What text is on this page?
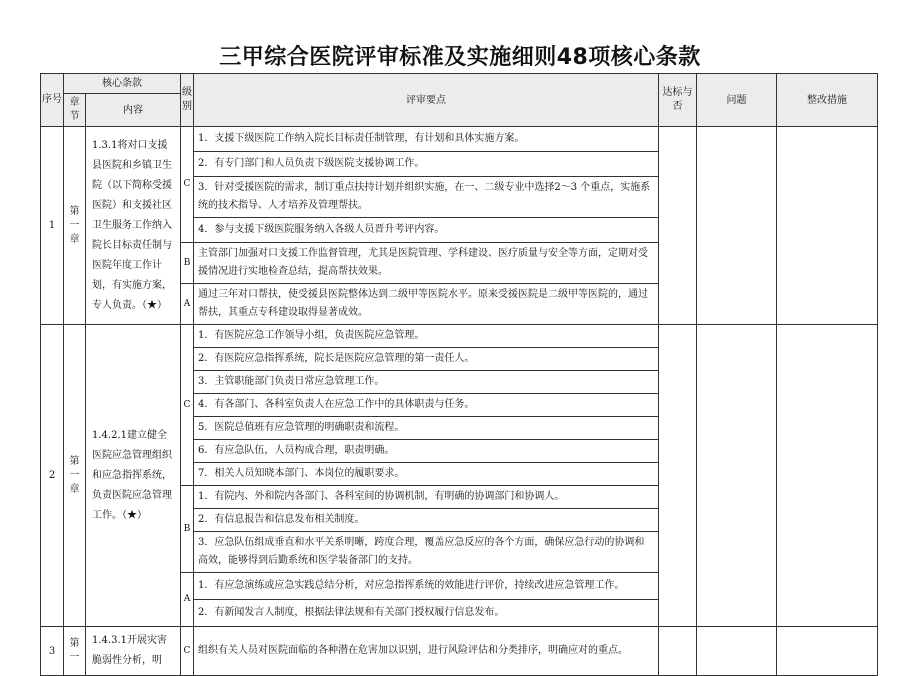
三甲综合医院评审标准及实施细则48项核心条款
序号	核心条款		级别	评审要点	达标与否	问题	整改措施
	章节	内容					
1	第一章	1.3.1将对口支援县医院和乡镇卫生院（以下简称受援医院）和支援社区卫生服务工作纳入院长目标责任制与医院年度工作计划，有实施方案，专人负责。（★）	C	1．支援下级医院工作纳入院长目标责任制管理，有计划和具体实施方案。			
				2．有专门部门和人员负责下级医院支援协调工作。			
				3．针对受援医院的需求，制订重点扶持计划并组织实施，在一、二级专业中选择2～3 个重点，实施系统的技术指导、人才培养及管理帮扶。			
				4．参与支援下级医院服务纳入各级人员晋升考评内容。			
			B	主管部门加强对口支援工作监督管理，尤其是医院管理、学科建设、医疗质量与安全等方面，定期对受援情况进行实地检查总结，提高帮扶效果。			
			A	通过三年对口帮扶，使受援县医院整体达到二级甲等医院水平。原来受援医院是二级甲等医院的，通过帮扶，其重点专科建设取得显著成效。			
2	第一章	1.4.2.1建立健全医院应急管理组织和应急指挥系统，负责医院应急管理工作。（★）	C	1．有医院应急工作领导小组，负责医院应急管理。			
				2．有医院应急指挥系统，院长是医院应急管理的第一责任人。			
				3．主管职能部门负责日常应急管理工作。			
				4．有各部门、各科室负责人在应急工作中的具体职责与任务。			
				5．医院总值班有应急管理的明确职责和流程。			
				6．有应急队伍，人员构成合理，职责明确。			
				7．相关人员知晓本部门、本岗位的履职要求。			
			B	1．有院内、外和院内各部门、各科室间的协调机制，有明确的协调部门和协调人。			
				2．有信息报告和信息发布相关制度。			
				3．应急队伍组成垂直和水平关系明晰，跨度合理，覆盖应急反应的各个方面，确保应急行动的协调和高效，能够得到后勤系统和医学装备部门的支持。			
			A	1．有应急演练或应急实践总结分析，对应急指挥系统的效能进行评价，持续改进应急管理工作。			
				2．有新闻发言人制度，根据法律法规和有关部门授权履行信息发布。			
3	第一	1.4.3.1开展灾害脆弱性分析，明	C	组织有关人员对医院面临的各种潜在危害加以识别，进行风险评估和分类排序，明确应对的重点。			
